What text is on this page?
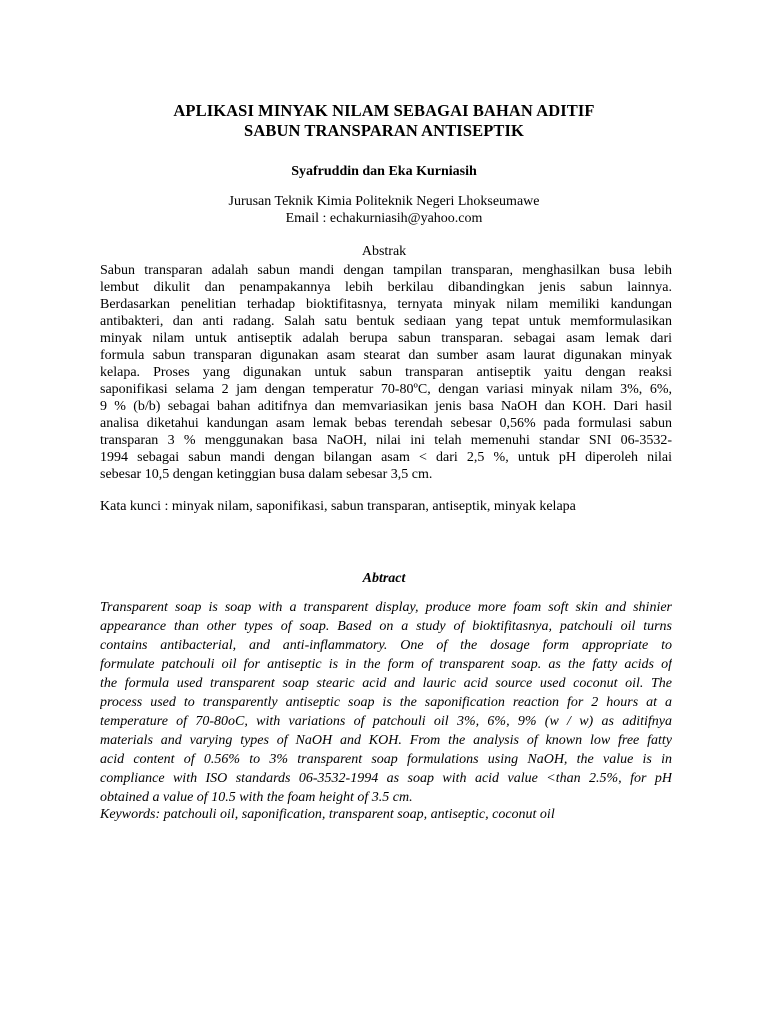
APLIKASI MINYAK NILAM SEBAGAI BAHAN ADITIF
SABUN TRANSPARAN ANTISEPTIK
Syafruddin dan Eka Kurniasih
Jurusan Teknik Kimia Politeknik Negeri Lhokseumawe
Email : echakurniasih@yahoo.com
Abstrak
Sabun transparan adalah sabun mandi dengan tampilan transparan, menghasilkan busa lebih
lembut dikulit dan penampakannya lebih berkilau dibandingkan jenis sabun lainnya.
Berdasarkan penelitian terhadap bioktifitasnya, ternyata minyak nilam memiliki kandungan
antibakteri, dan anti radang. Salah satu bentuk sediaan yang tepat untuk memformulasikan
minyak nilam untuk antiseptik adalah berupa sabun transparan. sebagai asam lemak dari
formula sabun transparan digunakan asam stearat dan sumber asam laurat digunakan minyak
kelapa. Proses yang digunakan untuk sabun transparan antiseptik yaitu dengan reaksi
saponifikasi selama 2 jam dengan temperatur 70-80ºC, dengan variasi minyak nilam 3%, 6%,
9 % (b/b) sebagai bahan aditifnya dan memvariasikan jenis basa NaOH dan KOH. Dari hasil
analisa diketahui kandungan asam lemak bebas terendah sebesar 0,56% pada formulasi sabun
transparan 3 % menggunakan basa NaOH, nilai ini telah memenuhi standar SNI 06-3532-
1994 sebagai sabun mandi dengan bilangan asam < dari 2,5 %, untuk pH diperoleh nilai
sebesar 10,5 dengan ketinggian busa dalam sebesar 3,5 cm.
Kata kunci : minyak nilam, saponifikasi, sabun transparan, antiseptik, minyak kelapa
Abtract
Transparent soap is soap with a transparent display, produce more foam soft skin and shinier
appearance than other types of soap. Based on a study of bioktifitasnya, patchouli oil turns
contains antibacterial, and anti-inflammatory. One of the dosage form appropriate to
formulate patchouli oil for antiseptic is in the form of transparent soap. as the fatty acids of
the formula used transparent soap stearic acid and lauric acid source used coconut oil. The
process used to transparently antiseptic soap is the saponification reaction for 2 hours at a
temperature of 70-80oC, with variations of patchouli oil 3%, 6%, 9% (w / w) as aditifnya
materials and varying types of NaOH and KOH. From the analysis of known low free fatty
acid content of 0.56% to 3% transparent soap formulations using NaOH, the value is in
compliance with ISO standards 06-3532-1994 as soap with acid value <than 2.5%, for pH
obtained a value of 10.5 with the foam height of 3.5 cm.
Keywords: patchouli oil, saponification, transparent soap, antiseptic, coconut oil
